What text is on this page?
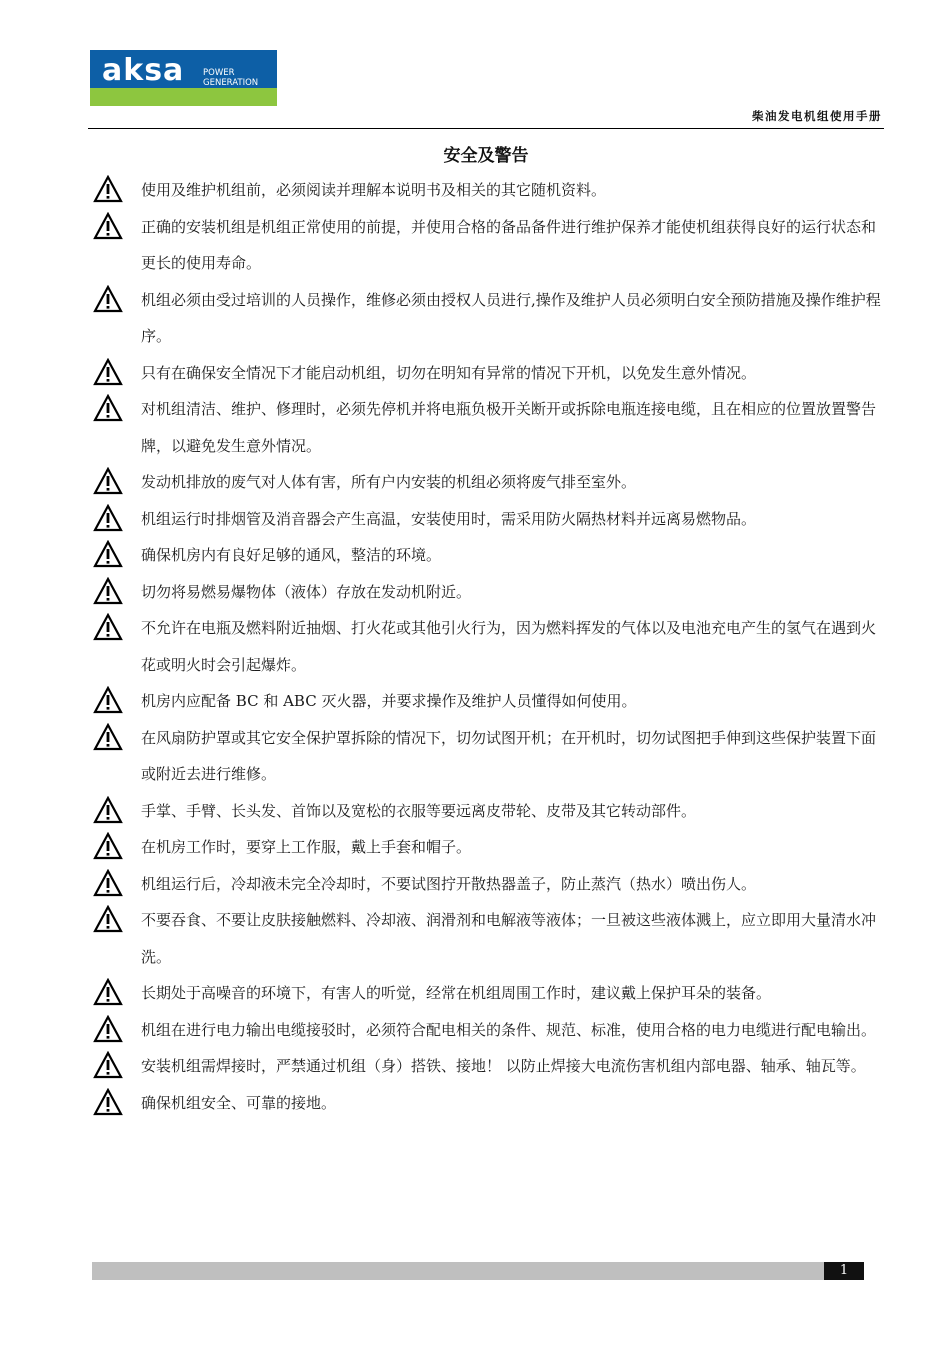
aksa POWER
GENERATION
柴油发电机组使用手册
安全及警告
使用及维护机组前，必须阅读并理解本说明书及相关的其它随机资料。
正确的安装机组是机组正常使用的前提，并使用合格的备品备件进行维护保养才能使机组获得良好的运行状态和更长的使用寿命。
机组必须由受过培训的人员操作，维修必须由授权人员进行,操作及维护人员必须明白安全预防措施及操作维护程序。
只有在确保安全情况下才能启动机组，切勿在明知有异常的情况下开机，以免发生意外情况。
对机组清洁、维护、修理时，必须先停机并将电瓶负极开关断开或拆除电瓶连接电缆，且在相应的位置放置警告牌，以避免发生意外情况。
发动机排放的废气对人体有害，所有户内安装的机组必须将废气排至室外。
机组运行时排烟管及消音器会产生高温，安装使用时，需采用防火隔热材料并远离易燃物品。
确保机房内有良好足够的通风，整洁的环境。
切勿将易燃易爆物体（液体）存放在发动机附近。
不允许在电瓶及燃料附近抽烟、打火花或其他引火行为，因为燃料挥发的气体以及电池充电产生的氢气在遇到火花或明火时会引起爆炸。
机房内应配备 BC 和 ABC 灭火器，并要求操作及维护人员懂得如何使用。
在风扇防护罩或其它安全保护罩拆除的情况下，切勿试图开机；在开机时，切勿试图把手伸到这些保护装置下面或附近去进行维修。
手掌、手臂、长头发、首饰以及宽松的衣服等要远离皮带轮、皮带及其它转动部件。
在机房工作时，要穿上工作服，戴上手套和帽子。
机组运行后，冷却液未完全冷却时，不要试图拧开散热器盖子，防止蒸汽（热水）喷出伤人。
不要吞食、不要让皮肤接触燃料、冷却液、润滑剂和电解液等液体；一旦被这些液体溅上，应立即用大量清水冲洗。
长期处于高噪音的环境下，有害人的听觉，经常在机组周围工作时，建议戴上保护耳朵的装备。
机组在进行电力输出电缆接驳时，必须符合配电相关的条件、规范、标准，使用合格的电力电缆进行配电输出。
安装机组需焊接时，严禁通过机组（身）搭铁、接地！ 以防止焊接大电流伤害机组内部电器、轴承、轴瓦等。
确保机组安全、可靠的接地。
1
